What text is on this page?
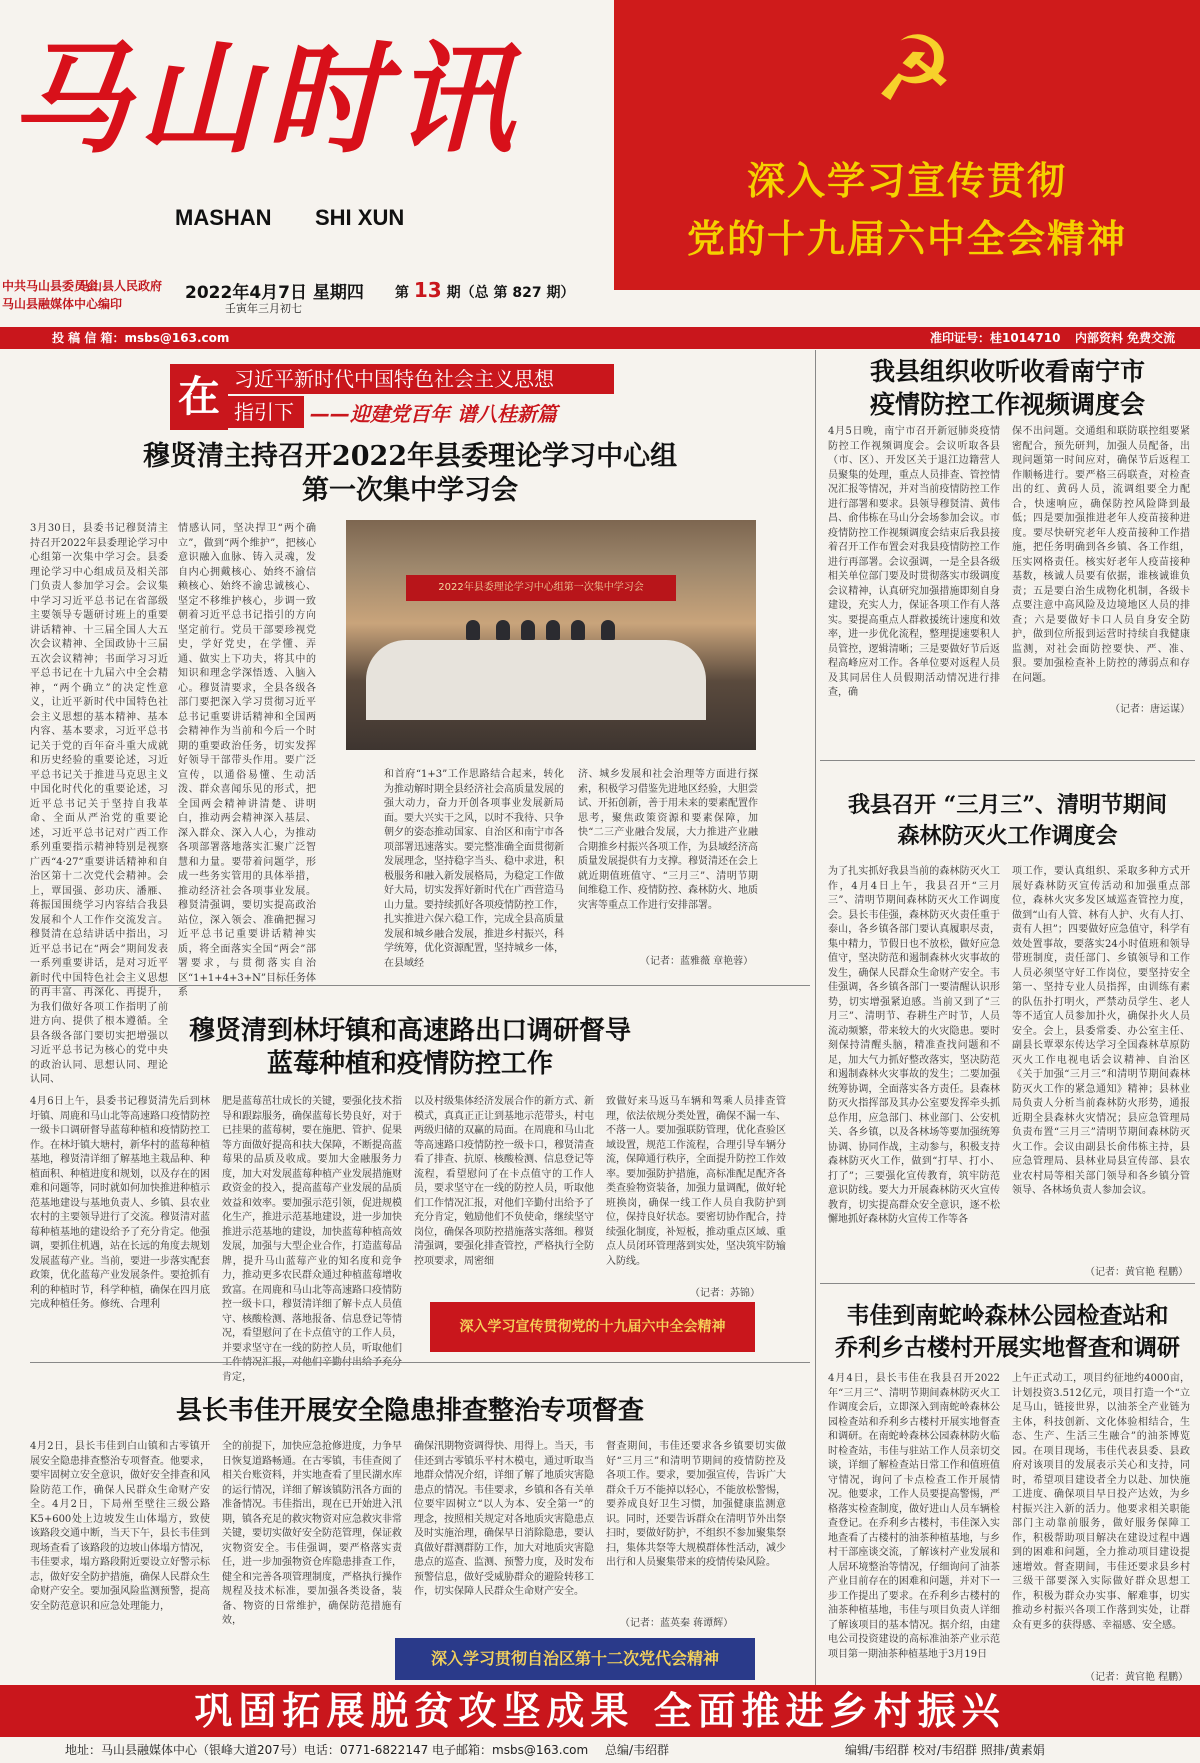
马山时讯
MASHAN SHI XUN
中共马山县委员会
马山县人民政府
马山县融媒体中心编印
2022年4月7日 星期四
壬寅年三月初七
第 13 期（总 第 827 期）
☭
深入学习宣传贯彻
党的十九届六中全会精神
投 稿 信 箱：msbs@163.com	准印证号：桂1014710 内部资料 免费交流
在 习近平新时代中国特色社会主义思想
指引下 ——迎建党百年 谱八桂新篇
穆贤清主持召开2022年县委理论学习中心组
第一次集中学习会
3月30日，县委书记穆贤清主持召开2022年县委理论学习中心组第一次集中学习会。县委理论学习中心组成员及相关部门负责人参加学习会。会议集中学习习近平总书记在省部级主要领导专题研讨班上的重要讲话精神、十三届全国人大五次会议精神、全国政协十三届五次会议精神；书面学习习近平总书记在十九届六中全会精神，“两个确立”的决定性意义，让近平新时代中国特色社会主义思想的基本精神、基本内容、基本要求，习近平总书记关于党的百年奋斗重大成就和历史经验的重要论述，习近平总书记关于推进马克思主义中国化时代化的重要论述，习近平总书记关于坚持自我革命、全面从严治党的重要论述，习近平总书记对广西工作系列重要指示精神特别是视察广西“4·27”重要讲话精神和自治区第十二次党代会精神。会上，覃国强、彭功庆、潘雁、蒋振国围绕学习内容结合我县发展和个人工作作交流发言。穆贤清在总结讲话中指出，习近平总书记在“两会”期间发表一系列重要讲话，是对习近平新时代中国特色社会主义思想的再丰富、再深化、再提升，为我们做好各项工作指明了前进方向、提供了根本遵循。全县各级各部门要切实把增强以习近平总书记为核心的党中央的政治认同、思想认同、理论认同、
情感认同，坚决捍卫“两个确立”，做到“两个维护”，把核心意识融入血脉、铸入灵魂，发自内心拥戴核心、始终不渝信赖核心、始终不渝忠诚核心、坚定不移维护核心，步调一致朝着习近平总书记指引的方向坚定前行。党员干部要珍视党史，学好党史，在学懂、弄通、做实上下功夫，将其中的知识和理念学深悟透、入脑入心。穆贤清要求，全县各级各部门要把深入学习贯彻习近平总书记重要讲话精神和全国两会精神作为当前和今后一个时期的重要政治任务，切实发挥好领导干部带头作用。要广泛宣传，以通俗易懂、生动活泼、群众喜闻乐见的形式，把全国两会精神讲清楚、讲明白，推动两会精神深入基层、深入群众、深入人心，为推动各项部署落地落实汇聚广泛智慧和力量。要带着问题学，形成一些务实管用的具体举措，推动经济社会各项事业发展。穆贤清强调，要切实提高政治站位，深入领会、准确把握习近平总书记重要讲话精神实质，将全面落实全国“两会”部署要求，与贯彻落实自治区“1+1+4+3+N”目标任务体系
2022年县委理论学习中心组第一次集中学习会
和首府“1+3”工作思路结合起来，转化为推动解时期全县经济社会高质量发展的强大动力，奋力开创各项事业发展新局面。要大兴实干之风，以时不我待、只争朝夕的姿态推动国家、自治区和南宁市各项部署迅速落实。要完整准确全面贯彻新发展理念，坚持稳字当头、稳中求进，积极服务和融入新发展格局，为稳定工作做好大局，切实发挥好新时代在广西营造马山力量。要持续抓好各项疫情防控工作，扎实推进六保六稳工作，完成全县高质量发展和城乡融合发展，推进乡村振兴，科学统筹，优化资源配置，坚持城乡一体，在县域经
济、城乡发展和社会治理等方面进行探索，积极学习借鉴先进地区经验，大胆尝试、开拓创新，善于用未来的要素配置作思考，聚焦政策资源和要素保障，加快“二三产业融合发展，大力推进产业融合期推乡村振兴各项工作，为县域经济高质量发展提供有力支撑。穆贤清还在会上就近期值班值守、“三月三”、清明节期间维稳工作、疫情防控、森林防火、地质灾害等重点工作进行安排部署。
（记者：蓝雅薇 章艳蓉）
穆贤清到林圩镇和高速路出口调研督导
蓝莓种植和疫情防控工作
4月6日上午，县委书记穆贤清先后到林圩镇、周鹿和马山北等高速路口疫情防控一级卡口调研督导蓝莓种植和疫情防控工作。在林圩镇大塘村，新华村的蓝莓种植基地，穆贤清详细了解基地主栽品种、种植面积、种植进度和规划，以及存在的困难和问题等，同时就如何加快推进种植示范基地建设与基地负责人、乡镇、县农业农村的主要领导进行了交流。穆贤清对蓝莓种植基地的建设给予了充分肯定。他强调，要抓住机遇，站在长远的角度去规划发展蓝莓产业。当前，要进一步落实配套政策，优化蓝莓产业发展条件。要抢抓有利的种植时节，科学种植，确保在四月底完成种植任务。修统、合理利
肥是蓝莓茁壮成长的关键，要强化技术指导和跟踪服务，确保蓝莓长势良好，对于已挂果的蓝莓树，要在施肥、管护、促果等方面做好提高和扶大保障，不断提高蓝莓果的品质及收成。要加大金融服务力度，加大对发展蓝莓种植产业发展措施财政资金的投入，提高蓝莓产业发展的品质效益和效率。要加强示范引领，促进规模化生产，推进示范基地建设，进一步加快推进示范基地的建设，加快蓝莓种植高效发展，加强与大型企业合作，打造蓝莓品牌，提升马山蓝莓产业的知名度和竞争力，推动更多农民群众通过种植蓝莓增收致富。在周鹿和马山北等高速路口疫情防控一级卡口，穆贤清详细了解卡点人员值守、核酸检测、落地报备、信息登记等情况，看望慰问了在卡点值守的工作人员，并要求坚守在一线的防控人员，听取他们 肯定，
以及村级集体经济发展合作的新方式、新模式，真真正正让到基地示范带头，村屯两级归储的双赢的局面。在周鹿和马山北等高速路口疫情防控一级卡口，穆贤清查看了排查、抗原、核酸检测、信息登记等流程，看望慰问了在卡点值守的工作人员，要求坚守在一线的防控人员，听取他们工作情况汇报，对他们辛勤付出给予了充分肯定，勉励他们不负使命，继续坚守岗位，确保各项防控措施落实落细。穆贤清强调，要强化排查管控，严格执行全防控项要求，周密细
致做好来马返马车辆和驾乘人员排查管理，依法依规分类处置，确保不漏一车、不落一人。要加强联防管理，优化查验区域设置，规范工作流程，合理引导车辆分流，保障通行秩序，全面提升防控工作效率。要加强防护措施，高标准配足配齐各类查验物资装备，加强力量调配，做好轮班换岗，确保一线工作人员自我防护到位，保持良好状态。要密切协作配合，持续强化制度，补短板，推动重点区域、重点人员闭环管理落到实处，坚决筑牢防输入防线。
（记者：苏锦）
深入学习宣传贯彻党的十九届六中全会精神
县长韦佳开展安全隐患排查整治专项督查
4月2日，县长韦佳到白山镇和古零镇开展安全隐患排查整治专项督查。他要求，要牢固树立安全意识，做好安全排查和风险防范工作，确保人民群众生命财产安全。4月2日，下局州至壁往三级公路K5+600处上边坡发生山体塌方，致使该路段交通中断，当天下午，县长韦佳到现场查看了该路段的边坡山体塌方情况，韦佳要求，塌方路段附近要设立好警示标志，做好安全防护措施，确保人民群众生命财产安全。要加强风险监测预警，提高安全防范意识和应急处理能力，
全的前提下，加快应急抢修进度，力争早日恢复道路畅通。在古零镇，韦佳查阅了相关台账资料，并实地查看了里民湖水库的运行情况，详细了解该镇防汛各方面的准备情况。韦佳指出，现在已开始进入汛期，镇各充足的救灾物资对应急救灾非常关键，要切实做好安全防范管理，保证救灾物资安全。韦佳强调，要严格落实责任，进一步加强物资仓库隐患排查工作，健全和完善各项管理制度，严格执行操作规程及技术标准，要加强各类设备，装备、物资的日常维护，确保防范措施有效，
确保汛期物资调得快、用得上。当天，韦佳还到古零镇乐平村木模屯，通过听取当地群众情况介绍，详细了解了地质灾害隐患点的情况。韦佳要求，乡镇和各有关单位要牢固树立“以人为本、安全第一”的理念，按照相关规定对各地质灾害隐患点及时实施治理，确保早日消除隐患，要认真做好群测群防工作，加大对地质灾害隐患点的巡查、监测、预警力度，及时发布预警信息，做好受威胁群众的避险转移工作，切实保障人民群众生命财产安全。
督查期间，韦佳还要求各乡镇要切实做好“三月三”和清明节期间的疫情防控及各项工作。要求，要加强宣传，告诉广大群众千万不能掉以轻心，不能放松警惕，要养成良好卫生习惯，加强健康监测意识。同时，还要告诉群众在清明节外出祭扫时，要做好防护，不组织不参加聚集祭扫，集体共祭等大规模群体性活动，减少出行和人员聚集带来的疫情传染风险。
（记者：蓝英秦 蒋谭辉）
深入学习贯彻自治区第十二次党代会精神
我县组织收听收看南宁市
疫情防控工作视频调度会
4月5日晚，南宁市召开新冠肺炎疫情防控工作视频调度会。会议听取各县（市、区）、开发区关于退江边籍营人员聚集的处理，重点人员排查、管控情况汇报等情况，并对当前疫情防控工作进行部署和要求。县领导穆贤清、黄伟昌、俞伟栋在马山分会场参加会议。市疫情防控工作视频调度会结束后我县接着召开工作布置会对我县疫情防控工作进行再部署。会议强调，一是全县各级相关单位部门要及时贯彻落实市级调度会议精神，认真研究加强措施即刻自身建设，充实人力，保证各项工作有人落实。要提高重点人群救援统计速度和效率，进一步优化流程，整理提速要积人员管控，逻辑清晰；三是要做好节后返程高峰应对工作。各单位要对返程人员及其同居住人员假期活动情况进行排查，确
保不出问题。交通组和联防联控组要紧密配合，预先研判，加强人员配备，出现问题第一时间应对，确保节后返程工作顺畅进行。要严格三码联查，对检查出的红、黄码人员，流调组要全力配合，快速响应，确保防控风险降到最低；四是要加强推进老年人疫苗接种进度。要尽快研究老年人疫苗接种工作措施，把任务明确到各乡镇、各工作组，压实网格责任。核实好老年人疫苗接种基数，核诚人员要有依据，谁核诚谁负责；五是要白治生成物化机制，各级卡点要注意中高风险及边境地区人员的排查；六是要做好卡口人员自身安全防护，做到位所报到运营时持续自我健康监测，对社会面防控要快、严、准、狠。要加强检查补上防控的薄弱点和存在问题。
（记者：唐运谋）
我县召开 “三月三”、清明节期间
森林防灭火工作调度会
为了扎实抓好我县当前的森林防灭火工作，4月4日上午，我县召开“三月三”、清明节期间森林防灭火工作调度会。县长韦佳强，森林防灭火责任重于泰山，各乡镇各部门要认真履职尽责，集中精力，节假日也不放松，做好应急值守，坚决防范和遏制森林火灾事故的发生，确保人民群众生命财产安全。韦佳强调，各乡镇各部门一要清醒认识形势，切实增强紧迫感。当前又到了“三月三”、清明节、春耕生产时节，人员流动频繁，带来较大的火灾隐患。要时刻保持清醒头脑，精准查找问题和不足，加大气力抓好整改落实，坚决防范和遏制森林火灾事故的发生；二要加强统筹协调，全面落实各方责任。县森林防灭火指挥部及其办公室要发挥牵头抓总作用，应急部门、林业部门、公安机关、各乡镇，以及各林场等要加强统筹协调、协同作战，主动参与，积极支持森林防灭火工作，做到“打早、打小、打了”；三要强化宣传教育，筑牢防范意识防线。要大力开展森林防灭火宣传教育，切实提高群众安全意识，逐不松懈地抓好森林防火宣传工作等各
项工作，要认真组织、采取多种方式开展好森林防灭宣传活动和加强重点部位，森林火灾多发区域巡查管控力度，做到“山有人管、林有人护、火有人打、责有人担”；四要做好应急值守，科学有效处置事故，要落实24小时值班和领导带班制度，责任部门、乡镇领导和工作人员必须坚守好工作岗位，要坚持安全第一、坚持专业人员指挥，由训练有素的队伍扑打明火，严禁动员学生、老人等不适宜人员参加扑火，确保扑火人员安全。会上，县委常委、办公室主任、副县长覃翠东传达学习全国森林草原防灭火工作电视电话会议精神、自治区《关于加强“三月三”和清明节期间森林防灭火工作的紧急通知》精神；县林业局负责人分析当前森林防火形势，通报近期全县森林火灾情况；县应急管理局负责布置“三月三”清明节期间森林防灭火工作。会议由副县长俞伟栋主持，县应急管理局、县林业局县宣传部、县农业农村局等相关部门领导和各乡镇分管领导、各林场负责人参加会议。
（记者：黄官艳 程鹏）
韦佳到南蛇岭森林公园检查站和
乔利乡古楼村开展实地督查和调研
4月4日，县长韦佳在我县召开2022年“三月三”、清明节期间森林防灭火工作调度会后，立即深入到南蛇岭森林公园检查站和乔利乡古楼村开展实地督查和调研。在南蛇岭森林公园森林防火临时检查站，韦佳与驻站工作人员亲切交谈，详细了解检查站日常工作和值班值守情况，询问了卡点检查工作开展情况。他要求，工作人员要提高警惕，严格落实检查制度，做好进山人员车辆检查登记。在乔利乡古楼村，韦佳深入实地查看了古楼村的油茶种植基地，与乡村干部座谈交流，了解该村产业发展和人居环境整治等情况，仔细询问了油茶产业目前存在的困难和问题，并对下一步工作提出了要求。在乔利乡古楼村的油茶种植基地，韦佳与项目负责人详细了解该项目的基本情况。据介绍，由建电公司投资建设的高标准油茶产业示范项目第一期油茶种植基地于3月19日
上午正式动工，项目约征地约4000亩，计划投资3.512亿元，项目打造一个“立足马山，链接世界，以油茶全产业链为主体，科技创新、文化体验相结合，生态、生产、生活三生融合”的油茶博览园。在项目现场，韦佳代表县委、县政府对该项目的发展表示关心和支持，同时，希望项目建设者全力以赴、加快施工进度、确保项目早日投产达效，为乡村振兴注入新的活力。他要求相关职能部门主动靠前服务，做好服务保障工作，积极帮助项目解决在建设过程中遇到的困难和问题，全力推动项目建设提速增效。督查期间，韦佳还要求县乡村三级干部要深入实际做好群众思想工作，积极为群众办实事、解难事，切实推动乡村振兴各项工作落到实处，让群众有更多的获得感、幸福感、安全感。
（记者：黄官艳 程鹏）
巩固拓展脱贫攻坚成果 全面推进乡村振兴
地址：马山县融媒体中心（银峰大道207号）电话：0771-6822147 电子邮箱：msbs@163.com 总编/韦绍群	编辑/韦绍群 校对/韦绍群 照排/黄素娟
